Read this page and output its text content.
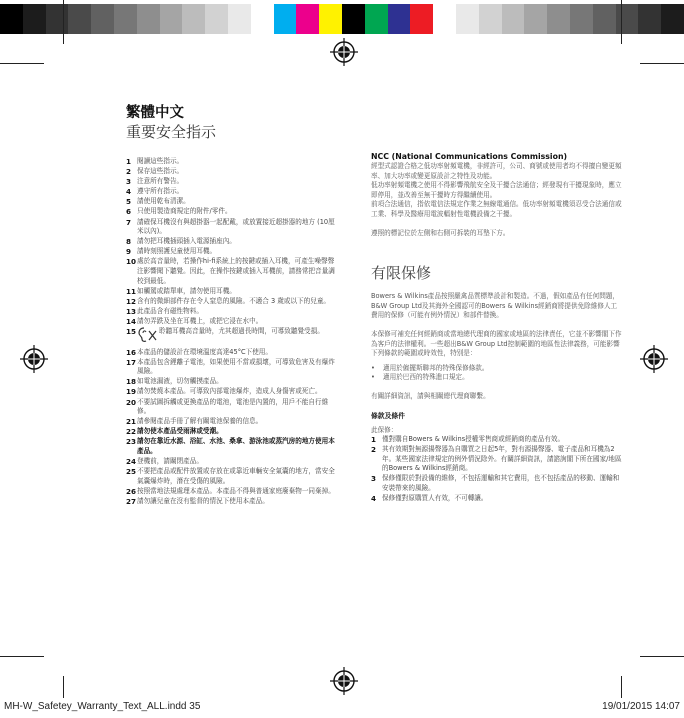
繁體中文
重要安全指示
1 閱讀這些指示。
2 保存這些指示。
3 注意所有警告。
4 遵守所有指示。
5 請使用乾布清潔。
6 只使用製造商規定的附件/零件。
7 請確保耳機沒有與超掛器一起配戴，或放置接近超掛器的地方 (10厘米以內)。
8 請勿把耳機插頭插入電源插座內。
9 請時刻照護兒童使用耳機。
10 處於高音量時，若操作hi-fi系統上的按鍵或插入耳機，可產生噪聲聲注影響聞下聽覺。因此，在操作按鍵或插入耳機前，請務常把音量調校到最低。
11 如觸駕或踏單車，請勿使用耳機。
12 含有的微細部件存在令人窒息的風險。不適合 3 歲或以下的兒童。
13 此產品含有磁性物料。
14 請勿弄跌及坐在耳機上，或把它浸在水中。
15	聆聽耳機高音量時，尤其超過長時間，可導致聽覺受損。
16 本產品的儲設計在環境溫度高達45°C下使用。
17 本產品包含鋰離子電池，如果使用不當或損壞，可導致危害及有爆炸風險。
18 如電池漏液，切勿觸摸產品。
19 請勿焚燒本產品。可導致內部電池爆炸，造成人身傷害或死亡。
20 不要試圖拆觸或更換產品的電池，電池是內置的，用戶不能自行維修。
21 請參閱產品手冊了解有關電池保養的信息。
22 請勿使本產品受雨淋或受潮。
23 請勿在靠近水源、浴缸、水池、桑拿、游泳池或蒸汽房的地方使用本產品。
24 登機前，請關閉產品。
25 不要把產品或配件放置或存放在或靠近車輛安全氣囊的地方，當安全氣囊爆炸時，潛在受傷的風險。
26 按照當地法規處理本產品。本產品不得與普通家庭廢棄物一同棄掉。
27 請勿讓兒童在沒有監督的情況下使用本產品。

NCC (National Communications Commission)

經型式認證合格之低功率射頻電機，非經許可，公司、商號或使用者均不得擅自變更頻率、加大功率或變更原設計之特性及功能。

低功率射頻電機之使用不得影響飛航安全及干擾合法通信；經發現有干擾現象時，應立即停用，並改善至無干擾時方得繼續使用。

前項合法通信，指依電信法規定作業之無線電通信。低功率射頻電機須忍受合法通信或工業、科學及醫療用電波輻射性電機設備之干擾。

遵照的標記位於左側和右側可拆裝的耳墊下方。

有限保修

Bowers & Wilkins產品按照嚴禽品質標準設計和製造。不過，假如產品有任何問題，B&W Group Ltd及其海外全國認可的Bowers & Wilkins經銷商將提供免除維修人工費用的保修（可能有例外情況）和部件替換。

本保修可補充任何經銷商或當地總代理商的國家或地區的法律責任，它並不影響閣下作為客戶的法律權利。一些超出B&W Group Ltd控制範圍的地區性法律義務，可能影響下列條款的範圍或時效性，特別是：

•	適用於僱擺斯聯邦的特殊保修條款。
•	適用於巴西的特殊進口規定。

有關詳細資訊，請與相關總代理商聯繫。

條款及條件

此保修：

1 僅對購自Bowers & Wilkins授權零售商或經銷商的產品有效。
2 其有效期對無源揚聲器為自購買之日起5年，對有源揚聲器、電子產品和耳機為2年。某些國家法律規定的例外情況除外。有關詳細資訊，請諮詢閣下所在國家/地區的Bowers & Wilkins經銷商。
3 保修僅限於對設備的維修，不包括運輸和其它費用，也不包括產品的移動、運輸和安裝帶來的風險。
4 保修僅對原購買人有效，不可轉讓。
MH-W_Safetey_Warranty_Text_ALL.indd 35	19/01/2015 14:07
